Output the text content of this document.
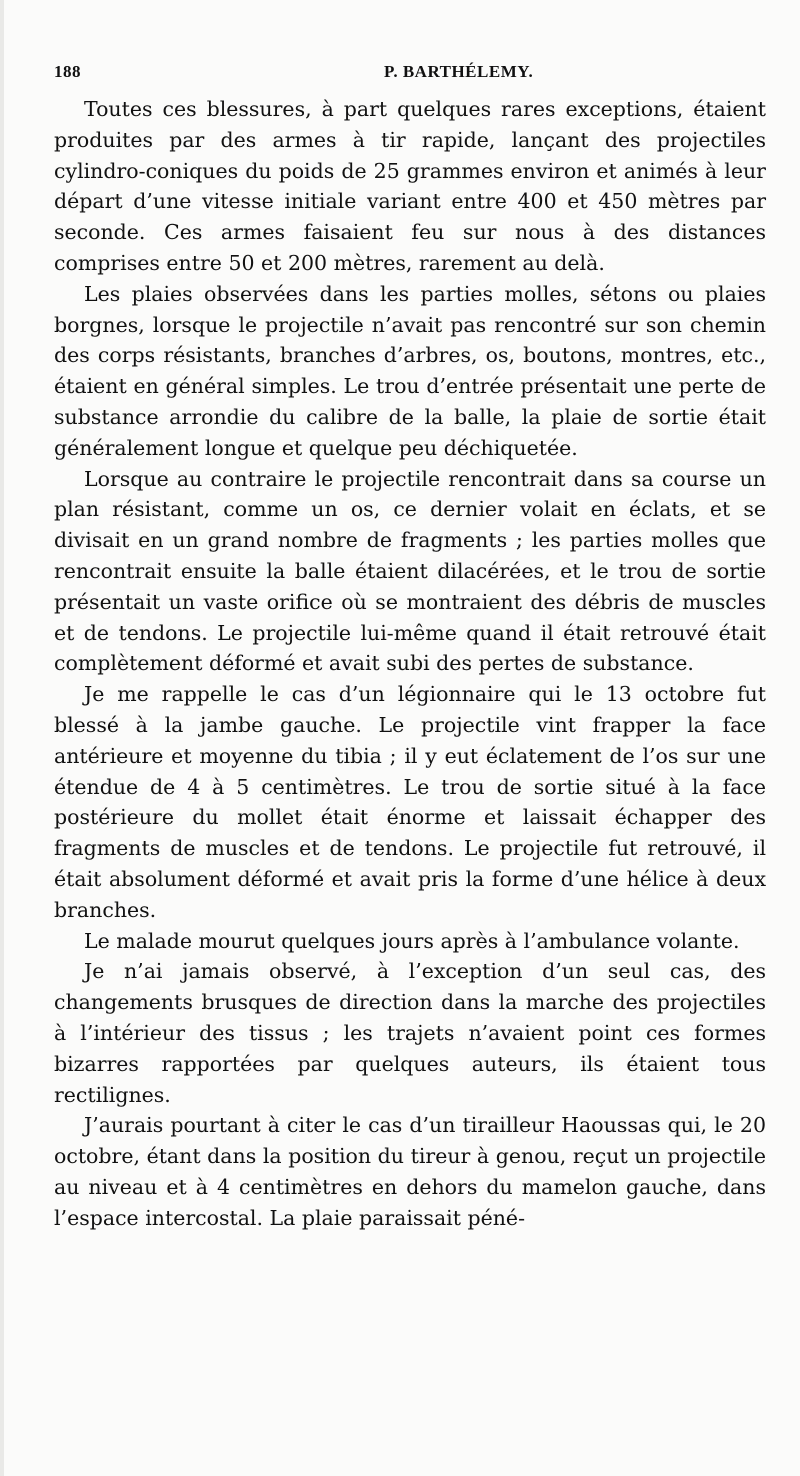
188	P. BARTHÉLEMY.

Toutes ces blessures, à part quelques rares exceptions, étaient produites par des armes à tir rapide, lançant des projectiles cylindro-coniques du poids de 25 grammes environ et animés à leur départ d’une vitesse initiale variant entre 400 et 450 mètres par seconde. Ces armes faisaient feu sur nous à des distances comprises entre 50 et 200 mètres, rarement au delà.

Les plaies observées dans les parties molles, sétons ou plaies borgnes, lorsque le projectile n’avait pas rencontré sur son chemin des corps résistants, branches d’arbres, os, boutons, montres, etc., étaient en général simples. Le trou d’entrée présentait une perte de substance arrondie du calibre de la balle, la plaie de sortie était généralement longue et quelque peu déchiquetée.

Lorsque au contraire le projectile rencontrait dans sa course un plan résistant, comme un os, ce dernier volait en éclats, et se divisait en un grand nombre de fragments ; les parties molles que rencontrait ensuite la balle étaient dilacérées, et le trou de sortie présentait un vaste orifice où se montraient des débris de muscles et de tendons. Le projectile lui-même quand il était retrouvé était complètement déformé et avait subi des pertes de substance.

Je me rappelle le cas d’un légionnaire qui le 13 octobre fut blessé à la jambe gauche. Le projectile vint frapper la face antérieure et moyenne du tibia ; il y eut éclatement de l’os sur une étendue de 4 à 5 centimètres. Le trou de sortie situé à la face postérieure du mollet était énorme et laissait échapper des fragments de muscles et de tendons. Le projectile fut retrouvé, il était absolument déformé et avait pris la forme d’une hélice à deux branches.

Le malade mourut quelques jours après à l’ambulance volante.

Je n’ai jamais observé, à l’exception d’un seul cas, des changements brusques de direction dans la marche des projectiles à l’intérieur des tissus ; les trajets n’avaient point ces formes bizarres rapportées par quelques auteurs, ils étaient tous rectilignes.

J’aurais pourtant à citer le cas d’un tirailleur Haoussas qui, le 20 octobre, étant dans la position du tireur à genou, reçut un projectile au niveau et à 4 centimètres en dehors du mamelon gauche, dans l’espace intercostal. La plaie paraissait péné-
